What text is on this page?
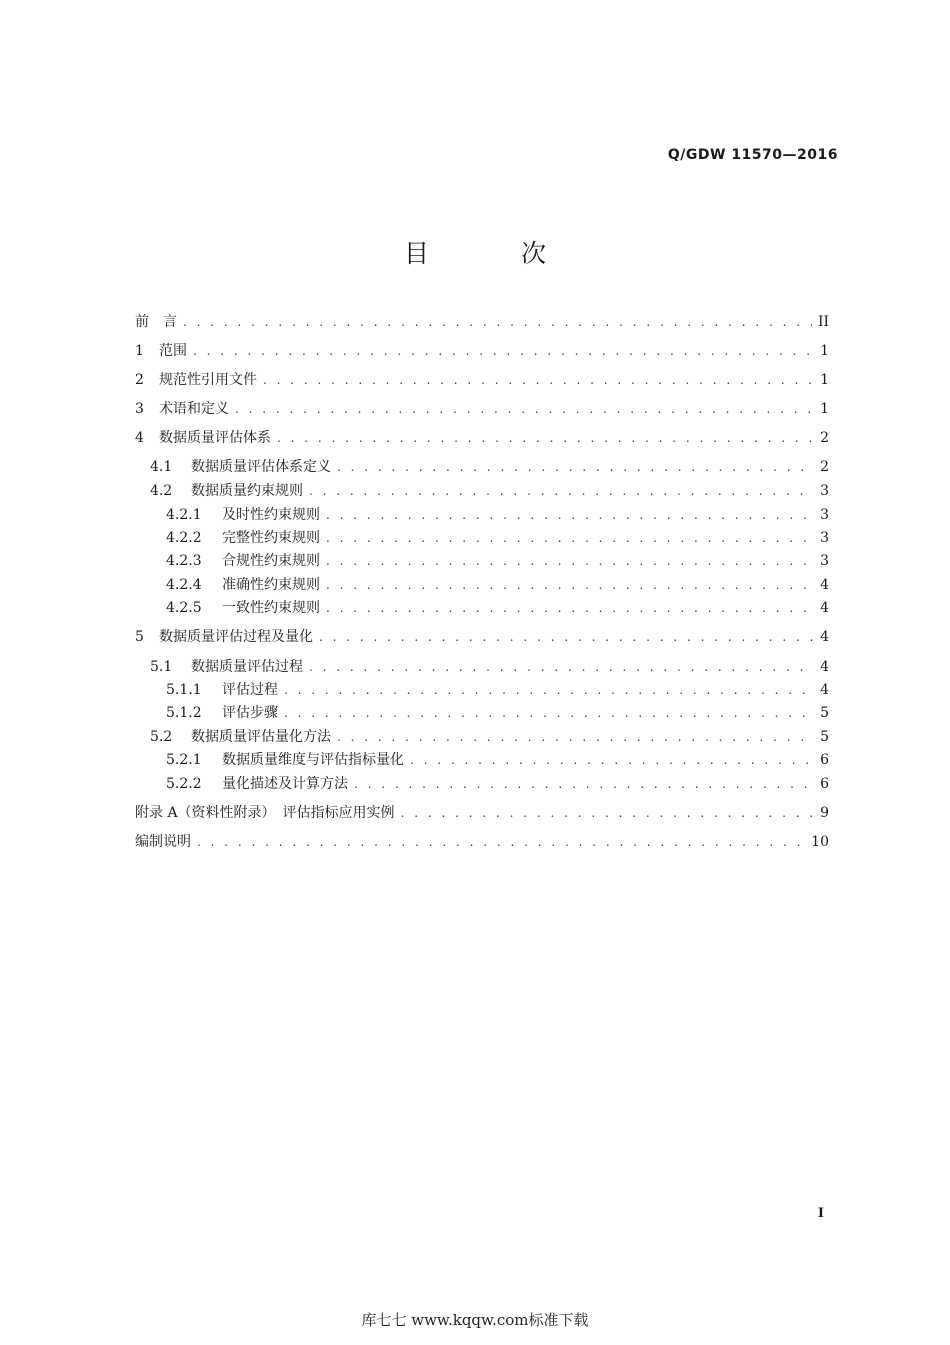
Q/GDW 11570—2016
目 次
前　言 . . .	II
1	范围 . . .	1
2	规范性引用文件 . . .	1
3	术语和定义 . . .	1
4	数据质量评估体系 . . .	2
4.1	数据质量评估体系定义 . . .	2
4.2	数据质量约束规则 . . .	3
4.2.1	及时性约束规则 . . .	3
4.2.2	完整性约束规则 . . .	3
4.2.3	合规性约束规则 . . .	3
4.2.4	准确性约束规则 . . .	4
4.2.5	一致性约束规则 . . .	4
5	数据质量评估过程及量化 . . .	4
5.1	数据质量评估过程 . . .	4
5.1.1	评估过程 . . .	4
5.1.2	评估步骤 . . .	5
5.2	数据质量评估量化方法 . . .	5
5.2.1	数据质量维度与评估指标量化 . . .	6
5.2.2	量化描述及计算方法 . . .	6
附录 A（资料性附录）　评估指标应用实例 . . .	9
编制说明 . . .	10
I
库七七 www.kqqw.com标准下载
